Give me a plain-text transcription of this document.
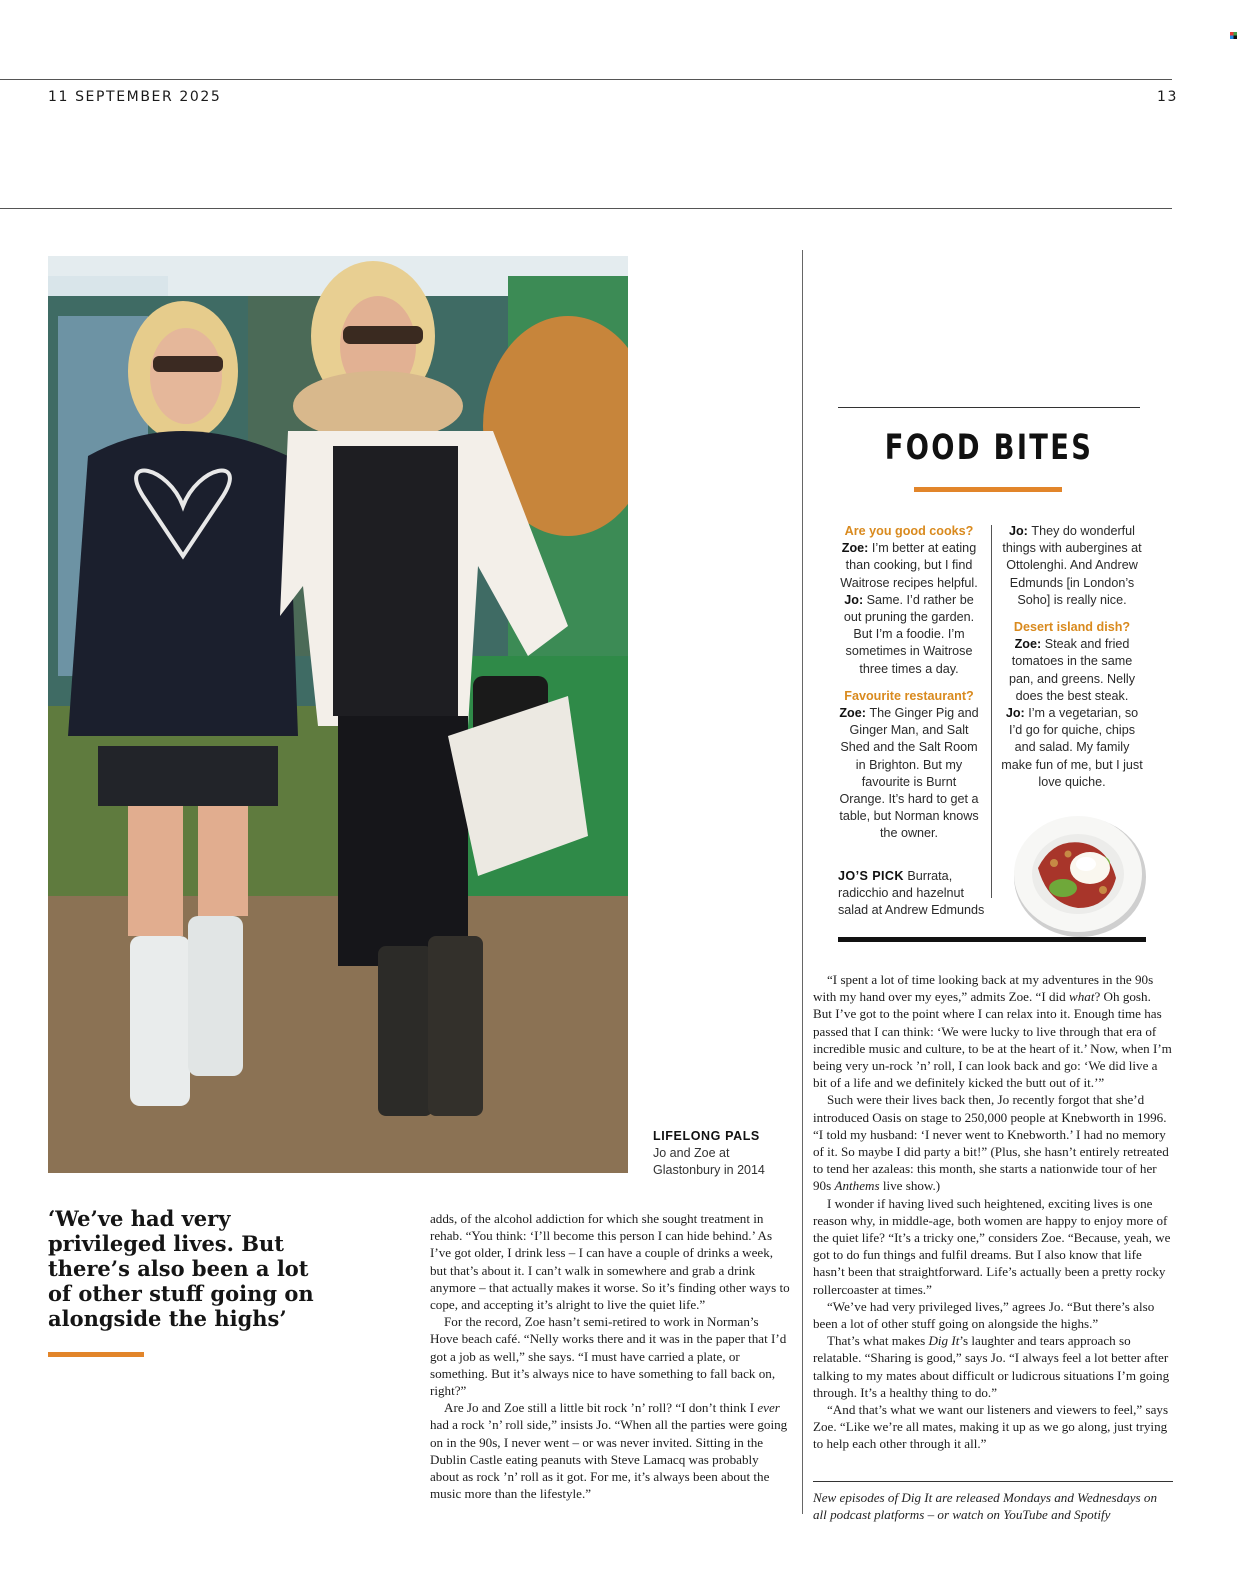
11 SEPTEMBER 2025	13
LIFELONG PALS
Jo and Zoe at Glastonbury in 2014
‘We’ve had very privileged lives. But there’s also been a lot of other stuff going on alongside the highs’

adds, of the alcohol addiction for which she sought treatment in rehab. “You think: ‘I’ll become this person I can hide behind.’ As I’ve got older, I drink less – I can have a couple of drinks a week, but that’s about it. I can’t walk in somewhere and grab a drink anymore – that actually makes it worse. So it’s finding other ways to cope, and accepting it’s alright to live the quiet life.”

For the record, Zoe hasn’t semi-retired to work in Norman’s Hove beach café. “Nelly works there and it was in the paper that I’d got a job as well,” she says. “I must have carried a plate, or something. But it’s always nice to have something to fall back on, right?”

Are Jo and Zoe still a little bit rock ’n’ roll? “I don’t think I ever had a rock ’n’ roll side,” insists Jo. “When all the parties were going on in the 90s, I never went – or was never invited. Sitting in the Dublin Castle eating peanuts with Steve Lamacq was probably about as rock ’n’ roll as it got. For me, it’s always been about the music more than the lifestyle.”

FOOD BITES
Are you good cooks?
Zoe: I’m better at eating than cooking, but I find Waitrose recipes helpful.
Jo: Same. I’d rather be out pruning the garden. But I’m a foodie. I’m sometimes in Waitrose three times a day.
Favourite restaurant?
Zoe: The Ginger Pig and Ginger Man, and Salt Shed and the Salt Room in Brighton. But my favourite is Burnt Orange. It’s hard to get a table, but Norman knows the owner.
Jo: They do wonderful things with aubergines at Ottolenghi. And Andrew Edmunds [in London’s Soho] is really nice.
Desert island dish?
Zoe: Steak and fried tomatoes in the same pan, and greens. Nelly does the best steak.
Jo: I’m a vegetarian, so I’d go for quiche, chips and salad. My family make fun of me, but I just love quiche.
JO’S PICK Burrata, radicchio and hazelnut salad at Andrew Edmunds

“I spent a lot of time looking back at my adventures in the 90s with my hand over my eyes,” admits Zoe. “I did what? Oh gosh. But I’ve got to the point where I can relax into it. Enough time has passed that I can think: ‘We were lucky to live through that era of incredible music and culture, to be at the heart of it.’ Now, when I’m being very un-rock ’n’ roll, I can look back and go: ‘We did live a bit of a life and we definitely kicked the butt out of it.’”

Such were their lives back then, Jo recently forgot that she’d introduced Oasis on stage to 250,000 people at Knebworth in 1996. “I told my husband: ‘I never went to Knebworth.’ I had no memory of it. So maybe I did party a bit!” (Plus, she hasn’t entirely retreated to tend her azaleas: this month, she starts a nationwide tour of her 90s Anthems live show.)

I wonder if having lived such heightened, exciting lives is one reason why, in middle-age, both women are happy to enjoy more of the quiet life? “It’s a tricky one,” considers Zoe. “Because, yeah, we got to do fun things and fulfil dreams. But I also know that life hasn’t been that straightforward. Life’s actually been a pretty rocky rollercoaster at times.”

“We’ve had very privileged lives,” agrees Jo. “But there’s also been a lot of other stuff going on alongside the highs.”

That’s what makes Dig It’s laughter and tears approach so relatable. “Sharing is good,” says Jo. “I always feel a lot better after talking to my mates about difficult or ludicrous situations I’m going through. It’s a healthy thing to do.”

“And that’s what we want our listeners and viewers to feel,” says Zoe. “Like we’re all mates, making it up as we go along, just trying to help each other through it all.”

New episodes of Dig It are released Mondays and Wednesdays on all podcast platforms – or watch on YouTube and Spotify
